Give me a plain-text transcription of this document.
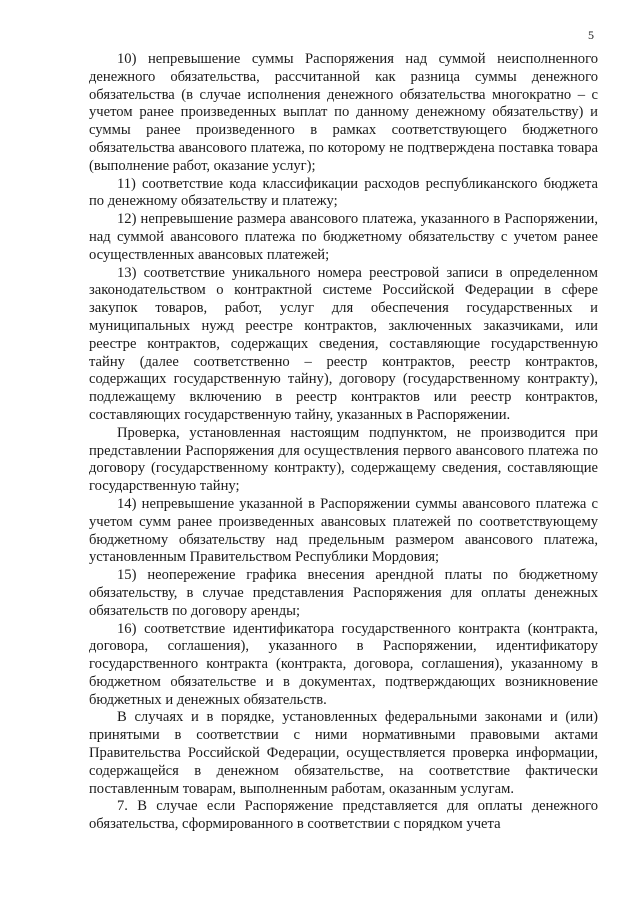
5

10) непревышение суммы Распоряжения над суммой неисполненного денежного обязательства, рассчитанной как разница суммы денежного обязательства (в случае исполнения денежного обязательства многократно – с учетом ранее произведенных выплат по данному денежному обязательству) и суммы ранее произведенного в рамках соответствующего бюджетного обязательства авансового платежа, по которому не подтверждена поставка товара (выполнение работ, оказание услуг);

11) соответствие кода классификации расходов республиканского бюджета по денежному обязательству и платежу;

12) непревышение размера авансового платежа, указанного в Распоряжении, над суммой авансового платежа по бюджетному обязательству с учетом ранее осуществленных авансовых платежей;

13) соответствие уникального номера реестровой записи в определенном законодательством о контрактной системе Российской Федерации в сфере закупок товаров, работ, услуг для обеспечения государственных и муниципальных нужд реестре контрактов, заключенных заказчиками, или реестре контрактов, содержащих сведения, составляющие государственную тайну (далее соответственно – реестр контрактов, реестр контрактов, содержащих государственную тайну), договору (государственному контракту), подлежащему включению в реестр контрактов или реестр контрактов, составляющих государственную тайну, указанных в Распоряжении.

Проверка, установленная настоящим подпунктом, не производится при представлении Распоряжения для осуществления первого авансового платежа по договору (государственному контракту), содержащему сведения, составляющие государственную тайну;

14) непревышение указанной в Распоряжении суммы авансового платежа с учетом сумм ранее произведенных авансовых платежей по соответствующему бюджетному обязательству над предельным размером авансового платежа, установленным Правительством Республики Мордовия;

15) неопережение графика внесения арендной платы по бюджетному обязательству, в случае представления Распоряжения для оплаты денежных обязательств по договору аренды;

16) соответствие идентификатора государственного контракта (контракта, договора, соглашения), указанного в Распоряжении, идентификатору государственного контракта (контракта, договора, соглашения), указанному в бюджетном обязательстве и в документах, подтверждающих возникновение бюджетных и денежных обязательств.

В случаях и в порядке, установленных федеральными законами и (или) принятыми в соответствии с ними нормативными правовыми актами Правительства Российской Федерации, осуществляется проверка информации, содержащейся в денежном обязательстве, на соответствие фактически поставленным товарам, выполненным работам, оказанным услугам.

7. В случае если Распоряжение представляется для оплаты денежного обязательства, сформированного в соответствии с порядком учета
